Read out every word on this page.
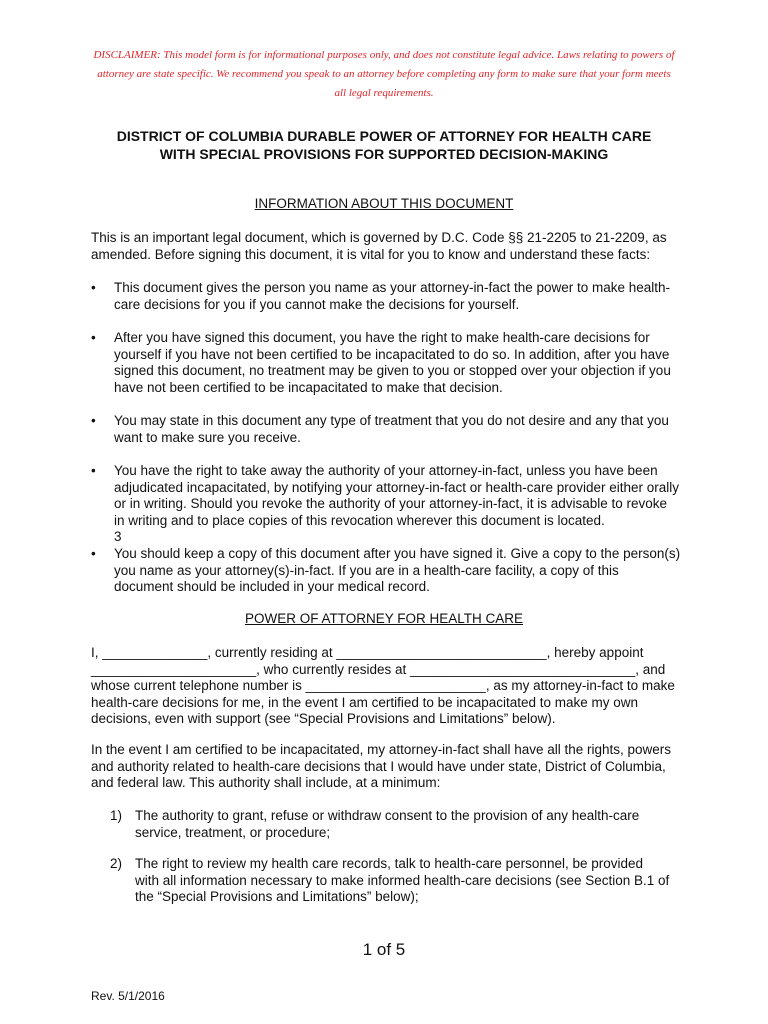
DISCLAIMER: This model form is for informational purposes only, and does not constitute legal advice. Laws relating to powers of attorney are state specific. We recommend you speak to an attorney before completing any form to make sure that your form meets all legal requirements.
DISTRICT OF COLUMBIA DURABLE POWER OF ATTORNEY FOR HEALTH CARE
WITH SPECIAL PROVISIONS FOR SUPPORTED DECISION-MAKING
INFORMATION ABOUT THIS DOCUMENT
This is an important legal document, which is governed by D.C. Code §§ 21-2205 to 21-2209, as amended. Before signing this document, it is vital for you to know and understand these facts:
• This document gives the person you name as your attorney-in-fact the power to make health-care decisions for you if you cannot make the decisions for yourself.
• After you have signed this document, you have the right to make health-care decisions for yourself if you have not been certified to be incapacitated to do so. In addition, after you have signed this document, no treatment may be given to you or stopped over your objection if you have not been certified to be incapacitated to make that decision.
• You may state in this document any type of treatment that you do not desire and any that you want to make sure you receive.
• You have the right to take away the authority of your attorney-in-fact, unless you have been adjudicated incapacitated, by notifying your attorney-in-fact or health-care provider either orally or in writing. Should you revoke the authority of your attorney-in-fact, it is advisable to revoke in writing and to place copies of this revocation wherever this document is located.
3
• You should keep a copy of this document after you have signed it. Give a copy to the person(s) you name as your attorney(s)-in-fact. If you are in a health-care facility, a copy of this document should be included in your medical record.
POWER OF ATTORNEY FOR HEALTH CARE
I, ______________, currently residing at ____________________________, hereby appoint ______________________, who currently resides at ______________________________, and whose current telephone number is ________________________, as my attorney-in-fact to make health-care decisions for me, in the event I am certified to be incapacitated to make my own decisions, even with support (see “Special Provisions and Limitations” below).
In the event I am certified to be incapacitated, my attorney-in-fact shall have all the rights, powers and authority related to health-care decisions that I would have under state, District of Columbia, and federal law. This authority shall include, at a minimum:
1) The authority to grant, refuse or withdraw consent to the provision of any health-care service, treatment, or procedure;
2) The right to review my health care records, talk to health-care personnel, be provided with all information necessary to make informed health-care decisions (see Section B.1 of the “Special Provisions and Limitations” below);
1 of 5
Rev. 5/1/2016
